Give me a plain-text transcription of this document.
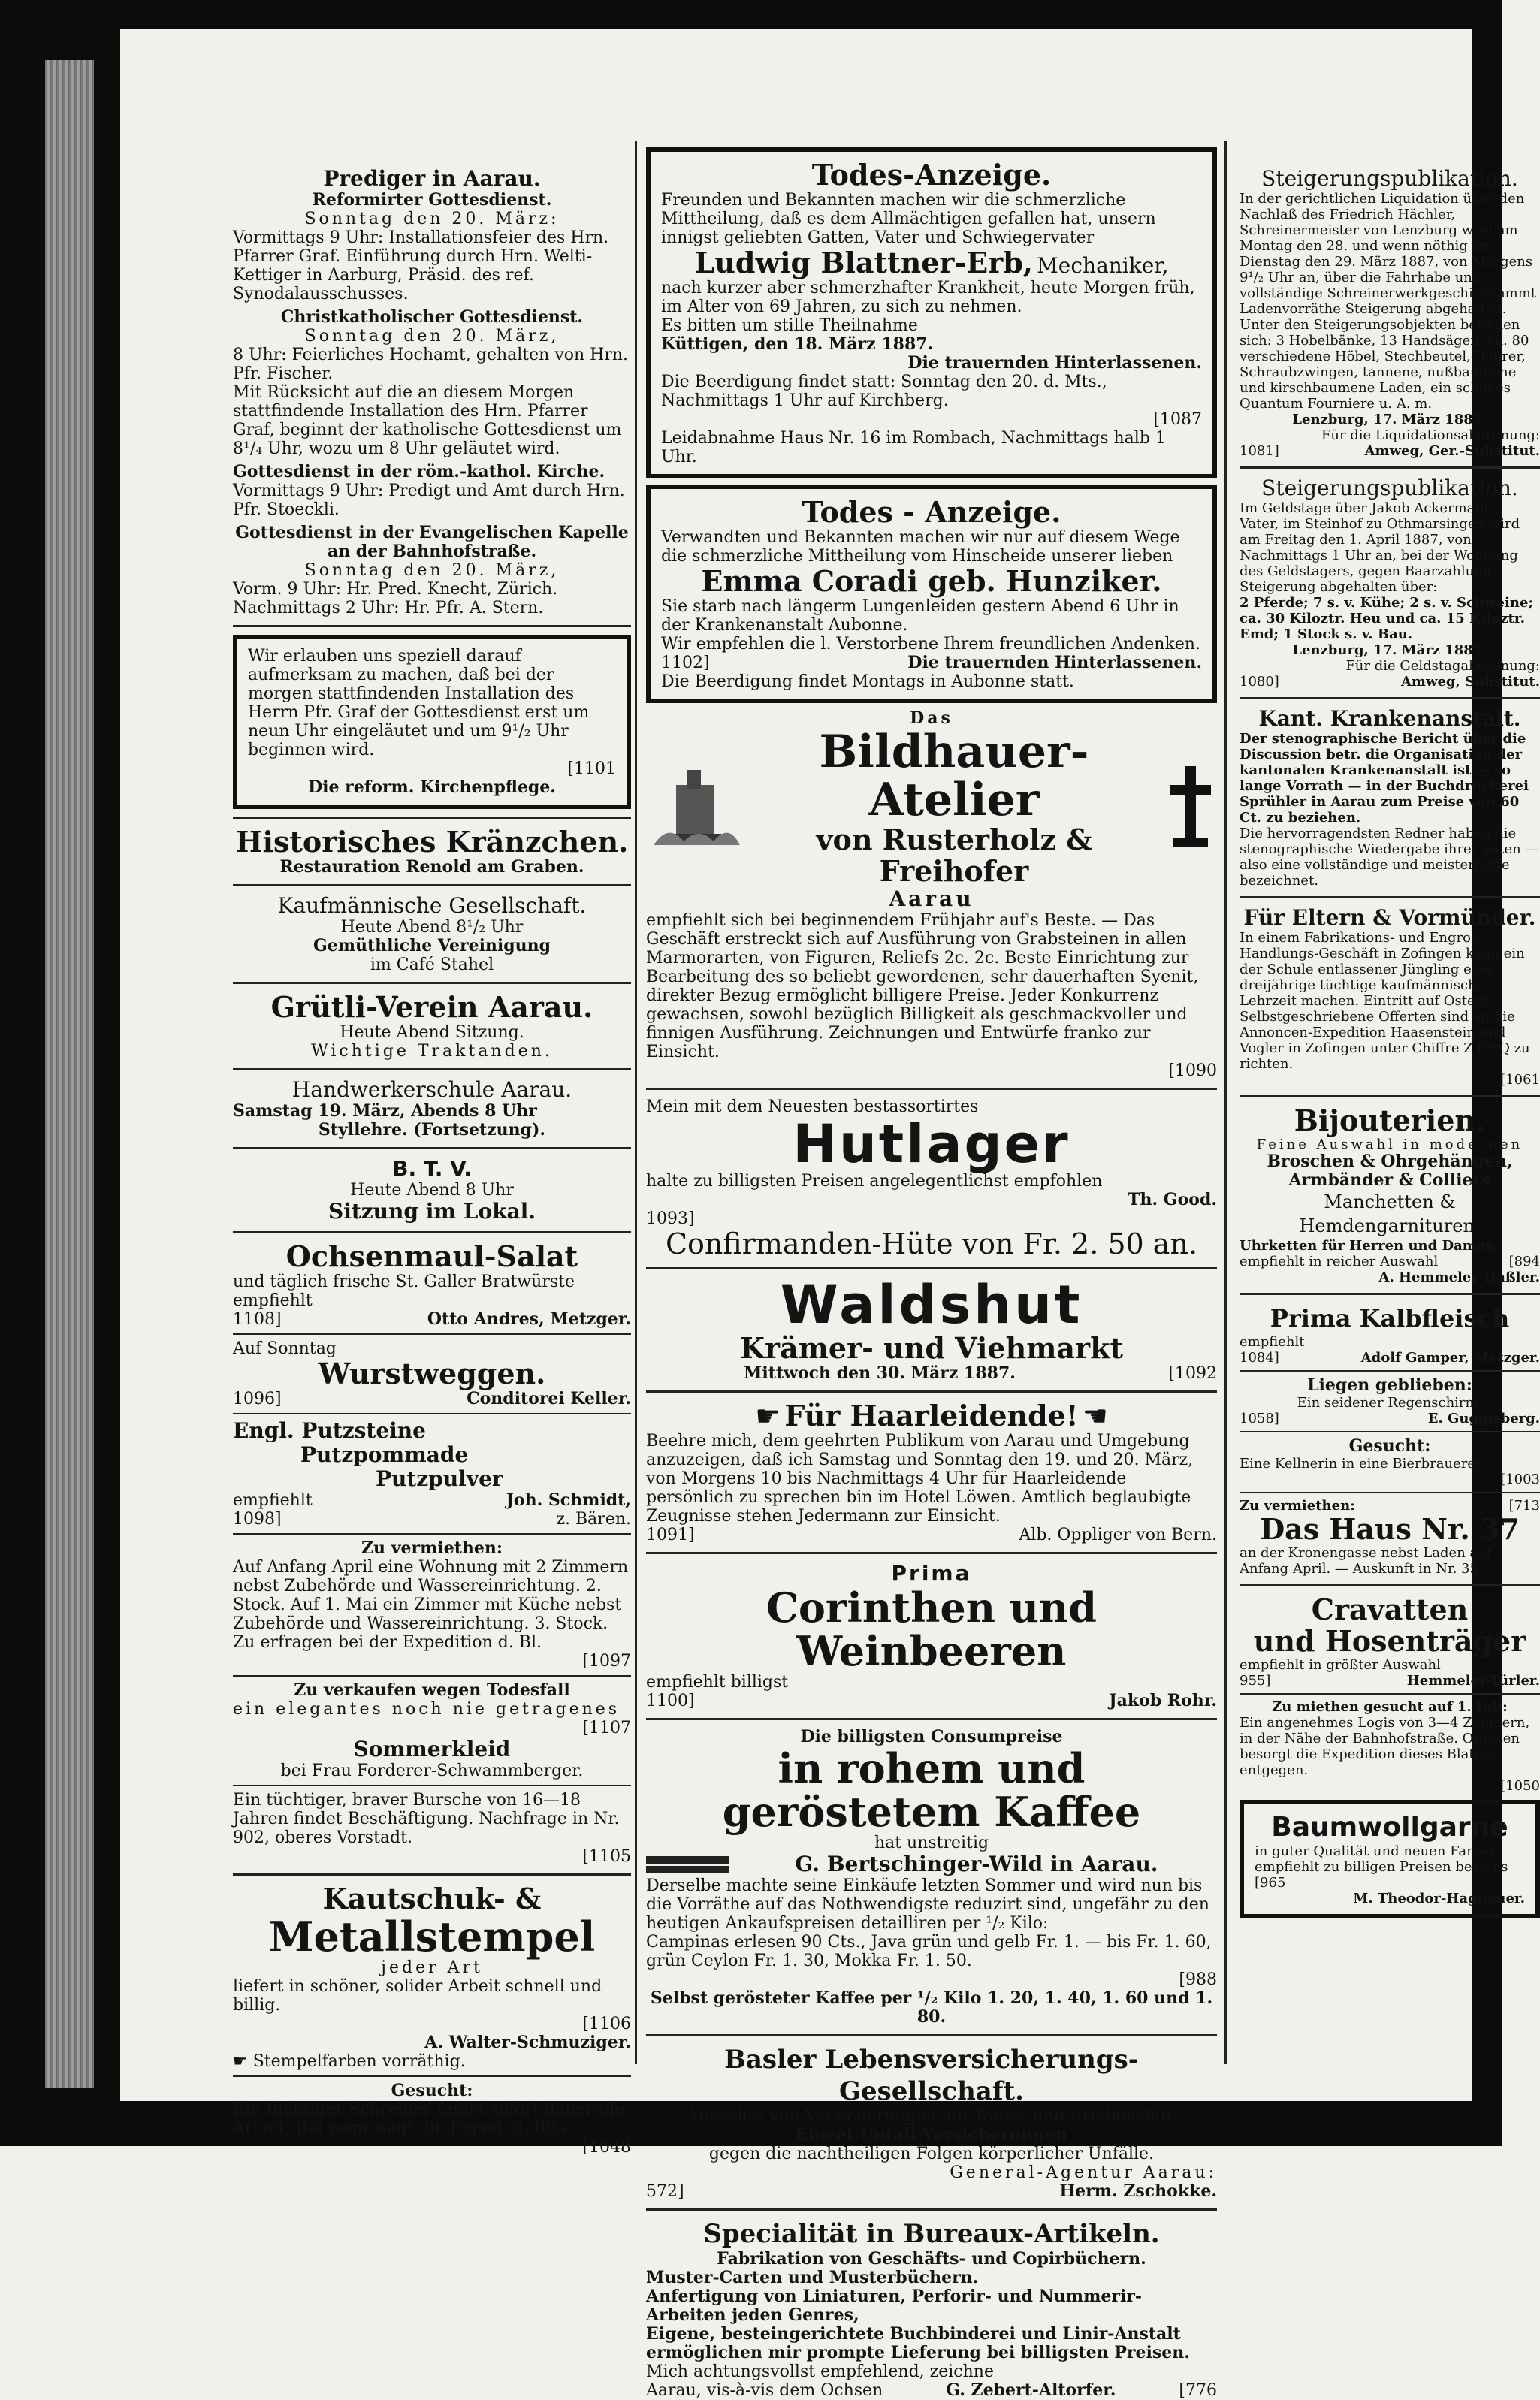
Prediger in Aarau.
Reformirter Gottesdienst.
Sonntag den 20. März:
Vormittags 9 Uhr: Installationsfeier des Hrn. Pfarrer Graf. Einführung durch Hrn. Welti-Kettiger in Aarburg, Präsid. des ref. Synodalausschusses.
Christkatholischer Gottesdienst.
Sonntag den 20. März,
8 Uhr: Feierliches Hochamt, gehalten von Hrn. Pfr. Fischer.
Mit Rücksicht auf die an diesem Morgen stattfindende Installation des Hrn. Pfarrer Graf, beginnt der katholische Gottesdienst um 8¹/₄ Uhr, wozu um 8 Uhr geläutet wird.
Gottesdienst in der röm.-kathol. Kirche.
Vormittags 9 Uhr: Predigt und Amt durch Hrn. Pfr. Stoeckli.
Gottesdienst in der Evangelischen Kapelle an der Bahnhofstraße.
Sonntag den 20. März,
Vorm. 9 Uhr: Hr. Pred. Knecht, Zürich.
Nachmittags 2 Uhr: Hr. Pfr. A. Stern.
Wir erlauben uns speziell darauf aufmerksam zu machen, daß bei der morgen stattfindenden Installation des Herrn Pfr. Graf der Gottesdienst erst um neun Uhr eingeläutet und um 9¹/₂ Uhr beginnen wird.
[1101
Die reform. Kirchenpflege.
Historisches Kränzchen.
Restauration Renold am Graben.
Kaufmännische Gesellschaft.
Heute Abend 8¹/₂ Uhr
Gemüthliche Vereinigung
im Café Stahel
Grütli-Verein Aarau.
Heute Abend Sitzung.
Wichtige Traktanden.
Handwerkerschule Aarau.
Samstag 19. März, Abends 8 Uhr
Styllehre. (Fortsetzung).
B. T. V.
Heute Abend 8 Uhr
Sitzung im Lokal.
Ochsenmaul-Salat
und täglich frische St. Galler Bratwürste empfiehlt
1108]	Otto Andres, Metzger.
Auf Sonntag
Wurstweggen.
1096]	Conditorei Keller.
Engl. Putzsteine
Putzpommade
Putzpulver
empfiehlt	Joh. Schmidt,
1098]	z. Bären.
Zu vermiethen:
Auf Anfang April eine Wohnung mit 2 Zimmern nebst Zubehörde und Wassereinrichtung. 2. Stock. Auf 1. Mai ein Zimmer mit Küche nebst Zubehörde und Wassereinrichtung. 3. Stock. Zu erfragen bei der Expedition d. Bl.
[1097
Zu verkaufen wegen Todesfall
ein elegantes noch nie getragenes
[1107
Sommerkleid
bei Frau Forderer-Schwammberger.
Ein tüchtiger, braver Bursche von 16—18 Jahren findet Beschäftigung. Nachfrage in Nr. 902, oberes Vorstadt.
[1105
Kautschuk- &
Metallstempel
jeder Art
liefert in schöner, solider Arbeit schnell und billig.
[1106
A. Walter-Schmuziger.
☛ Stempelfarben vorräthig.
Gesucht:
Ein tüchtiger Schreiner findet sofort dauernde Arbeit. Bei wem, sagt die Exped. d. Blts.
[1048
Todes-Anzeige.
Freunden und Bekannten machen wir die schmerzliche Mittheilung, daß es dem Allmächtigen gefallen hat, unsern innigst geliebten Gatten, Vater und Schwiegervater
Ludwig Blattner-Erb, Mechaniker,
nach kurzer aber schmerzhafter Krankheit, heute Morgen früh, im Alter von 69 Jahren, zu sich zu nehmen.
Es bitten um stille Theilnahme
Küttigen, den 18. März 1887.
Die trauernden Hinterlassenen.
Die Beerdigung findet statt: Sonntag den 20. d. Mts., Nachmittags 1 Uhr auf Kirchberg.
[1087
Leidabnahme Haus Nr. 16 im Rombach, Nachmittags halb 1 Uhr.
Todes - Anzeige.
Verwandten und Bekannten machen wir nur auf diesem Wege die schmerzliche Mittheilung vom Hinscheide unserer lieben
Emma Coradi geb. Hunziker.
Sie starb nach längerm Lungenleiden gestern Abend 6 Uhr in der Krankenanstalt Aubonne.
Wir empfehlen die l. Verstorbene Ihrem freundlichen Andenken.
1102]	Die trauernden Hinterlassenen.
Die Beerdigung findet Montags in Aubonne statt.
Das
Bildhauer-Atelier
von Rusterholz & Freihofer
Aarau
empfiehlt sich bei beginnendem Frühjahr auf's Beste. — Das Geschäft erstreckt sich auf Ausführung von Grabsteinen in allen Marmorarten, von Figuren, Reliefs 2c. 2c. Beste Einrichtung zur Bearbeitung des so beliebt gewordenen, sehr dauerhaften Syenit, direkter Bezug ermöglicht billigere Preise. Jeder Konkurrenz gewachsen, sowohl bezüglich Billigkeit als geschmackvoller und finnigen Ausführung. Zeichnungen und Entwürfe franko zur Einsicht.
[1090
Mein mit dem Neuesten bestassortirtes
Hutlager
halte zu billigsten Preisen angelegentlichst empfohlen
Th. Good.
1093]
Confirmanden-Hüte von Fr. 2. 50 an.
Waldshut
Krämer- und Viehmarkt
Mittwoch den 30. März 1887.	[1092
☛ Für Haarleidende! ☚
Beehre mich, dem geehrten Publikum von Aarau und Umgebung anzuzeigen, daß ich Samstag und Sonntag den 19. und 20. März, von Morgens 10 bis Nachmittags 4 Uhr für Haarleidende persönlich zu sprechen bin im Hotel Löwen. Amtlich beglaubigte Zeugnisse stehen Jedermann zur Einsicht.
1091]	Alb. Oppliger von Bern.
Prima
Corinthen und Weinbeeren
empfiehlt billigst
1100]	Jakob Rohr.
Die billigsten Consumpreise
in rohem und geröstetem Kaffee
hat unstreitig
G. Bertschinger-Wild in Aarau.
Derselbe machte seine Einkäufe letzten Sommer und wird nun bis die Vorräthe auf das Nothwendigste reduzirt sind, ungefähr zu den heutigen Ankaufspreisen detailliren per ¹/₂ Kilo:
Campinas erlesen 90 Cts., Java grün und gelb Fr. 1. — bis Fr. 1. 60, grün Ceylon Fr. 1. 30, Mokka Fr. 1. 50.
[988
Selbst gerösteter Kaffee per ¹/₂ Kilo 1. 20, 1. 40, 1. 60 und 1. 80.
Basler Lebensversicherungs-Gesellschaft.
Abschluß von Versicherungen auf Todes- und Erlebensfall.
Einzel-Unfall-Versicherungen
gegen die nachtheiligen Folgen körperlicher Unfälle.
General-Agentur Aarau:
572]	Herm. Zschokke.
Specialität in Bureaux-Artikeln.
Fabrikation von Geschäfts- und Copirbüchern.
Muster-Carten und Musterbüchern.
Anfertigung von Liniaturen, Perforir- und Nummerir-Arbeiten jeden Genres,
Eigene, besteingerichtete Buchbinderei und Linir-Anstalt ermöglichen mir prompte Lieferung bei billigsten Preisen.
Mich achtungsvollst empfehlend, zeichne
Aarau, vis-à-vis dem Ochsen	G. Zebert-Altorfer.	[776
Steigerungspublikation.
In der gerichtlichen Liquidation über den Nachlaß des Friedrich Hächler, Schreinermeister von Lenzburg wird am Montag den 28. und wenn nöthig am Dienstag den 29. März 1887, von Morgens 9¹/₂ Uhr an, über die Fahrhabe und vollständige Schreinerwerkgeschirr sammt Ladenvorräthe Steigerung abgehalten. Unter den Steigerungsobjekten befinden sich: 3 Hobelbänke, 13 Handsägen, ca. 80 verschiedene Höbel, Stechbeutel, Bohrer, Schraubzwingen, tannene, nußbaumene und kirschbaumene Laden, ein schönes Quantum Fourniere u. A. m.
Lenzburg, 17. März 1887.
Für die Liquidationsabordnung:
1081]	Amweg, Ger.-Substitut.
Steigerungspublikation.
Im Geldstage über Jakob Ackermann, Vater, im Steinhof zu Othmarsingen wird am Freitag den 1. April 1887, von Nachmittags 1 Uhr an, bei der Wohnung des Geldstagers, gegen Baarzahlung Steigerung abgehalten über:
2 Pferde; 7 s. v. Kühe; 2 s. v. Schweine; ca. 30 Kiloztr. Heu und ca. 15 Kiloztr. Emd; 1 Stock s. v. Bau.
Lenzburg, 17. März 1887.
Für die Geldstagabordnung:
1080]	Amweg, Substitut.
Kant. Krankenanstalt.
Der stenographische Bericht über die Discussion betr. die Organisation der kantonalen Krankenanstalt ist — so lange Vorrath — in der Buchdruckerei Sprühler in Aarau zum Preise von 60 Ct. zu beziehen.
Die hervorragendsten Redner haben die stenographische Wiedergabe ihrer Voten — also eine vollständige und meisterhafte bezeichnet.
Für Eltern & Vormünder.
In einem Fabrikations- und Engros-Handlungs-Geschäft in Zofingen kann ein der Schule entlassener Jüngling eine dreijährige tüchtige kaufmännische Lehrzeit machen. Eintritt auf Ostern.
Selbstgeschriebene Offerten sind an die Annoncen-Expedition Haasenstein und Vogler in Zofingen unter Chiffre Z 68 Q zu richten.
[1061
Bijouterien.
Feine Auswahl in modernen
Broschen & Ohrgehängen,
Armbänder & Colliers
Manchetten & Hemdengarnituren,
Uhrketten für Herren und Damen
empfiehlt in reicher Auswahl	[894
A. Hemmeler-Haßler.
Prima Kalbfleisch
empfiehlt
1084]	Adolf Gamper, Metzger.
Liegen geblieben:
Ein seidener Regenschirm.
1058]	E. Guggisberg.
Gesucht:
Eine Kellnerin in eine Bierbrauerei.
[1003
Zu vermiethen:	[713
Das Haus Nr. 37
an der Kronengasse nebst Laden auf Anfang April. — Auskunft in Nr. 35.
Cravatten
und Hosenträger
empfiehlt in größter Auswahl
955]	Hemmeler-Türler.
Zu miethen gesucht auf 1. Juli:
Ein angenehmes Logis von 3—4 Zimmern, in der Nähe der Bahnhofstraße. Offerten besorgt die Expedition dieses Blattes entgegen.
[1050
Baumwollgarne
in guter Qualität und neuen Farben empfiehlt zu billigen Preisen bestens
[965
M. Theodor-Hagnauer.
